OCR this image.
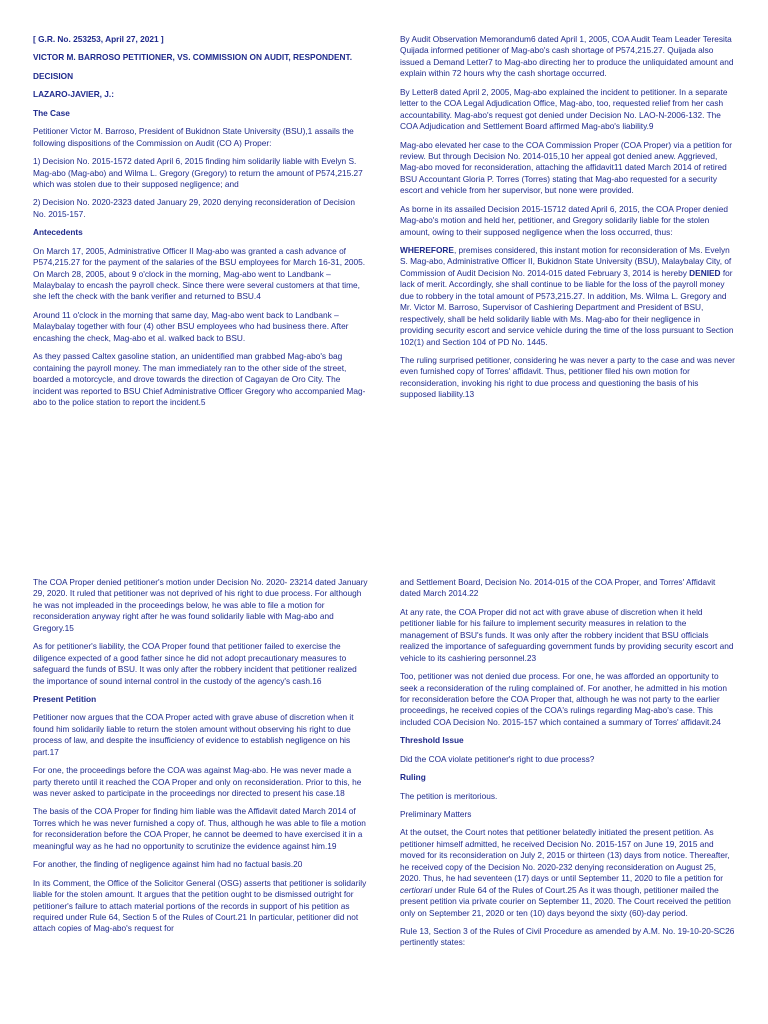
[ G.R. No. 253253, April 27, 2021 ]

VICTOR M. BARROSO PETITIONER, VS. COMMISSION ON AUDIT, RESPONDENT.

DECISION

LAZARO-JAVIER, J.:

The Case

Petitioner Victor M. Barroso, President of Bukidnon State University (BSU),1 assails the following dispositions of the Commission on Audit (CO A) Proper:

1) Decision No. 2015-1572 dated April 6, 2015 finding him solidarily liable with Evelyn S. Mag-abo (Mag-abo) and Wilma L. Gregory (Gregory) to return the amount of P574,215.27 which was stolen due to their supposed negligence; and

2) Decision No. 2020-2323 dated January 29, 2020 denying reconsideration of Decision No. 2015-157.

Antecedents

On March 17, 2005, Administrative Officer II Mag-abo was granted a cash advance of P574,215.27 for the payment of the salaries of the BSU employees for March 16-31, 2005. On March 28, 2005, about 9 o'clock in the morning, Mag-abo went to Landbank – Malaybalay to encash the payroll check. Since there were several customers at that time, she left the check with the bank verifier and returned to BSU.4

Around 11 o'clock in the morning that same day, Mag-abo went back to Landbank – Malaybalay together with four (4) other BSU employees who had business there. After encashing the check, Mag-abo et al. walked back to BSU.

As they passed Caltex gasoline station, an unidentified man grabbed Mag-abo's bag containing the payroll money. The man immediately ran to the other side of the street, boarded a motorcycle, and drove towards the direction of Cagayan de Oro City. The incident was reported to BSU Chief Administrative Officer Gregory who accompanied Mag-abo to the police station to report the incident.5

By Audit Observation Memorandum6 dated April 1, 2005, COA Audit Team Leader Teresita Quijada informed petitioner of Mag-abo's cash shortage of P574,215.27. Quijada also issued a Demand Letter7 to Mag-abo directing her to produce the unliquidated amount and explain within 72 hours why the cash shortage occurred.

By Letter8 dated April 2, 2005, Mag-abo explained the incident to petitioner. In a separate letter to the COA Legal Adjudication Office, Mag-abo, too, requested relief from her cash accountability. Mag-abo's request got denied under Decision No. LAO-N-2006-132. The COA Adjudication and Settlement Board affirmed Mag-abo's liability.9

Mag-abo elevated her case to the COA Commission Proper (COA Proper) via a petition for review. But through Decision No. 2014-015,10 her appeal got denied anew. Aggrieved, Mag-abo moved for reconsideration, attaching the affidavit11 dated March 2014 of retired BSU Accountant Gloria P. Torres (Torres) stating that Mag-abo requested for a security escort and vehicle from her supervisor, but none were provided.

As borne in its assailed Decision 2015-15712 dated April 6, 2015, the COA Proper denied Mag-abo's motion and held her, petitioner, and Gregory solidarily liable for the stolen amount, owing to their supposed negligence when the loss occurred, thus:

WHEREFORE, premises considered, this instant motion for reconsideration of Ms. Evelyn S. Mag-abo, Administrative Officer II, Bukidnon State University (BSU), Malaybalay City, of Commission of Audit Decision No. 2014-015 dated February 3, 2014 is hereby DENIED for lack of merit. Accordingly, she shall continue to be liable for the loss of the payroll money due to robbery in the total amount of P573,215.27. In addition, Ms. Wilma L. Gregory and Mr. Victor M. Barroso, Supervisor of Cashiering Department and President of BSU, respectively, shall be held solidarily liable with Ms. Mag-abo for their negligence in providing security escort and service vehicle during the time of the loss pursuant to Section 102(1) and Section 104 of PD No. 1445.

The ruling surprised petitioner, considering he was never a party to the case and was never even furnished copy of Torres' affidavit. Thus, petitioner filed his own motion for reconsideration, invoking his right to due process and questioning the basis of his supposed liability.13

The COA Proper denied petitioner's motion under Decision No. 2020- 23214 dated January 29, 2020. It ruled that petitioner was not deprived of his right to due process. For although he was not impleaded in the proceedings below, he was able to file a motion for reconsideration anyway right after he was found solidarily liable with Mag-abo and Gregory.15

As for petitioner's liability, the COA Proper found that petitioner failed to exercise the diligence expected of a good father since he did not adopt precautionary measures to safeguard the funds of BSU. It was only after the robbery incident that petitioner realized the importance of sound internal control in the custody of the agency's cash.16

Present Petition

Petitioner now argues that the COA Proper acted with grave abuse of discretion when it found him solidarily liable to return the stolen amount without observing his right to due process of law, and despite the insufficiency of evidence to establish negligence on his part.17

For one, the proceedings before the COA was against Mag-abo. He was never made a party thereto until it reached the COA Proper and only on reconsideration. Prior to this, he was never asked to participate in the proceedings nor directed to present his case.18

The basis of the COA Proper for finding him liable was the Affidavit dated March 2014 of Torres which he was never furnished a copy of. Thus, although he was able to file a motion for reconsideration before the COA Proper, he cannot be deemed to have exercised it in a meaningful way as he had no opportunity to scrutinize the evidence against him.19

For another, the finding of negligence against him had no factual basis.20

In its Comment, the Office of the Solicitor General (OSG) asserts that petitioner is solidarily liable for the stolen amount. It argues that the petition ought to be dismissed outright for petitioner's failure to attach material portions of the records in support of his petition as required under Rule 64, Section 5 of the Rules of Court.21 In particular, petitioner did not attach copies of Mag-abo's request for

and Settlement Board, Decision No. 2014-015 of the COA Proper, and Torres' Affidavit dated March 2014.22

At any rate, the COA Proper did not act with grave abuse of discretion when it held petitioner liable for his failure to implement security measures in relation to the management of BSU's funds. It was only after the robbery incident that BSU officials realized the importance of safeguarding government funds by providing security escort and vehicle to its cashiering personnel.23

Too, petitioner was not denied due process. For one, he was afforded an opportunity to seek a reconsideration of the ruling complained of. For another, he admitted in his motion for reconsideration before the COA Proper that, although he was not party to the earlier proceedings, he received copies of the COA's rulings regarding Mag-abo's case. This included COA Decision No. 2015-157 which contained a summary of Torres' affidavit.24

Threshold Issue

Did the COA violate petitioner's right to due process?

Ruling

The petition is meritorious.

Preliminary Matters

At the outset, the Court notes that petitioner belatedly initiated the present petition. As petitioner himself admitted, he received Decision No. 2015-157 on June 19, 2015 and moved for its reconsideration on July 2, 2015 or thirteen (13) days from notice. Thereafter, he received copy of the Decision No. 2020-232 denying reconsideration on August 25, 2020. Thus, he had seventeen (17) days or until September 11, 2020 to file a petition for certiorari under Rule 64 of the Rules of Court.25 As it was though, petitioner mailed the present petition via private courier on September 11, 2020. The Court received the petition only on September 21, 2020 or ten (10) days beyond the sixty (60)-day period.

Rule 13, Section 3 of the Rules of Civil Procedure as amended by A.M. No. 19-10-20-SC26 pertinently states:
